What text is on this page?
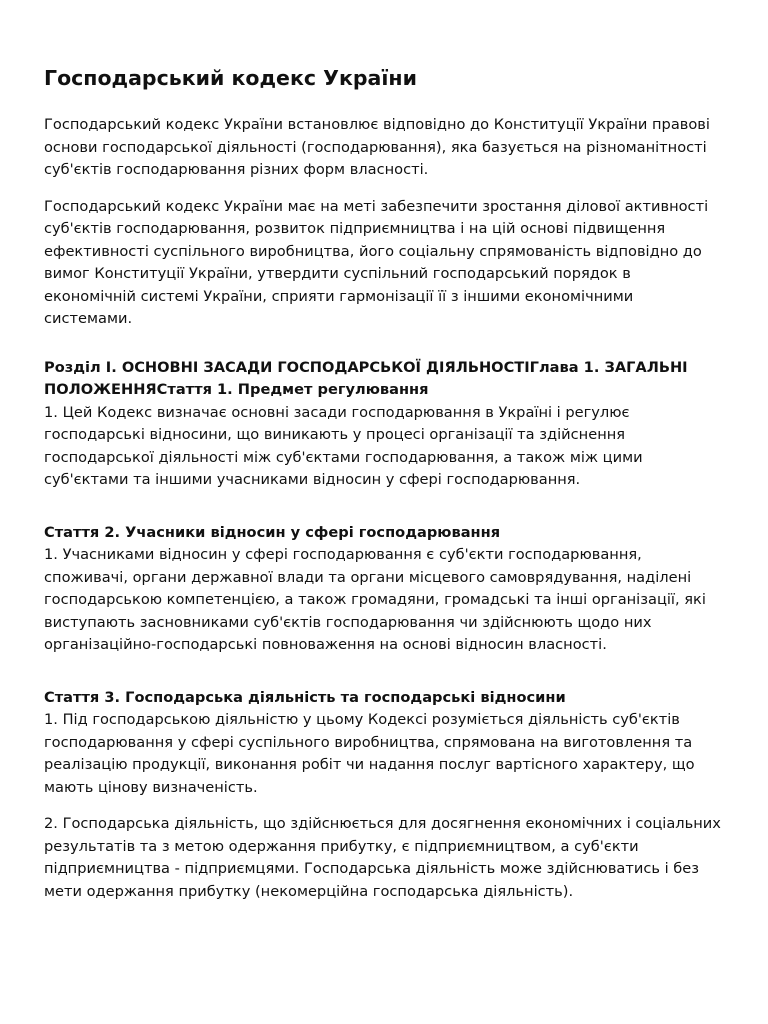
Господарський кодекс України

Господарський кодекс України встановлює відповідно до Конституції України правові основи господарської діяльності (господарювання), яка базується на різноманітності суб'єктів господарювання різних форм власності.

Господарський кодекс України має на меті забезпечити зростання ділової активності суб'єктів господарювання, розвиток підприємництва і на цій основі підвищення ефективності суспільного виробництва, його соціальну спрямованість відповідно до вимог Конституції України, утвердити суспільний господарський порядок в економічній системі України, сприяти гармонізації її з іншими економічними системами.

Розділ I. ОСНОВНІ ЗАСАДИ ГОСПОДАРСЬКОЇ ДІЯЛЬНОСТІГлава 1. ЗАГАЛЬНІ ПОЛОЖЕННЯСтаття 1. Предмет регулювання

1. Цей Кодекс визначає основні засади господарювання в Україні і регулює господарські відносини, що виникають у процесі організації та здійснення господарської діяльності між суб'єктами господарювання, а також між цими суб'єктами та іншими учасниками відносин у сфері господарювання.

Стаття 2. Учасники відносин у сфері господарювання

1. Учасниками відносин у сфері господарювання є суб'єкти господарювання, споживачі, органи державної влади та органи місцевого самоврядування, наділені господарською компетенцією, а також громадяни, громадські та інші організації, які виступають засновниками суб'єктів господарювання чи здійснюють щодо них організаційно-господарські повноваження на основі відносин власності.

Стаття 3. Господарська діяльність та господарські відносини

1. Під господарською діяльністю у цьому Кодексі розуміється діяльність суб'єктів господарювання у сфері суспільного виробництва, спрямована на виготовлення та реалізацію продукції, виконання робіт чи надання послуг вартісного характеру, що мають цінову визначеність.

2. Господарська діяльність, що здійснюється для досягнення економічних і соціальних результатів та з метою одержання прибутку, є підприємництвом, а суб'єкти підприємництва - підприємцями. Господарська діяльність може здійснюватись і без мети одержання прибутку (некомерційна господарська діяльність).
